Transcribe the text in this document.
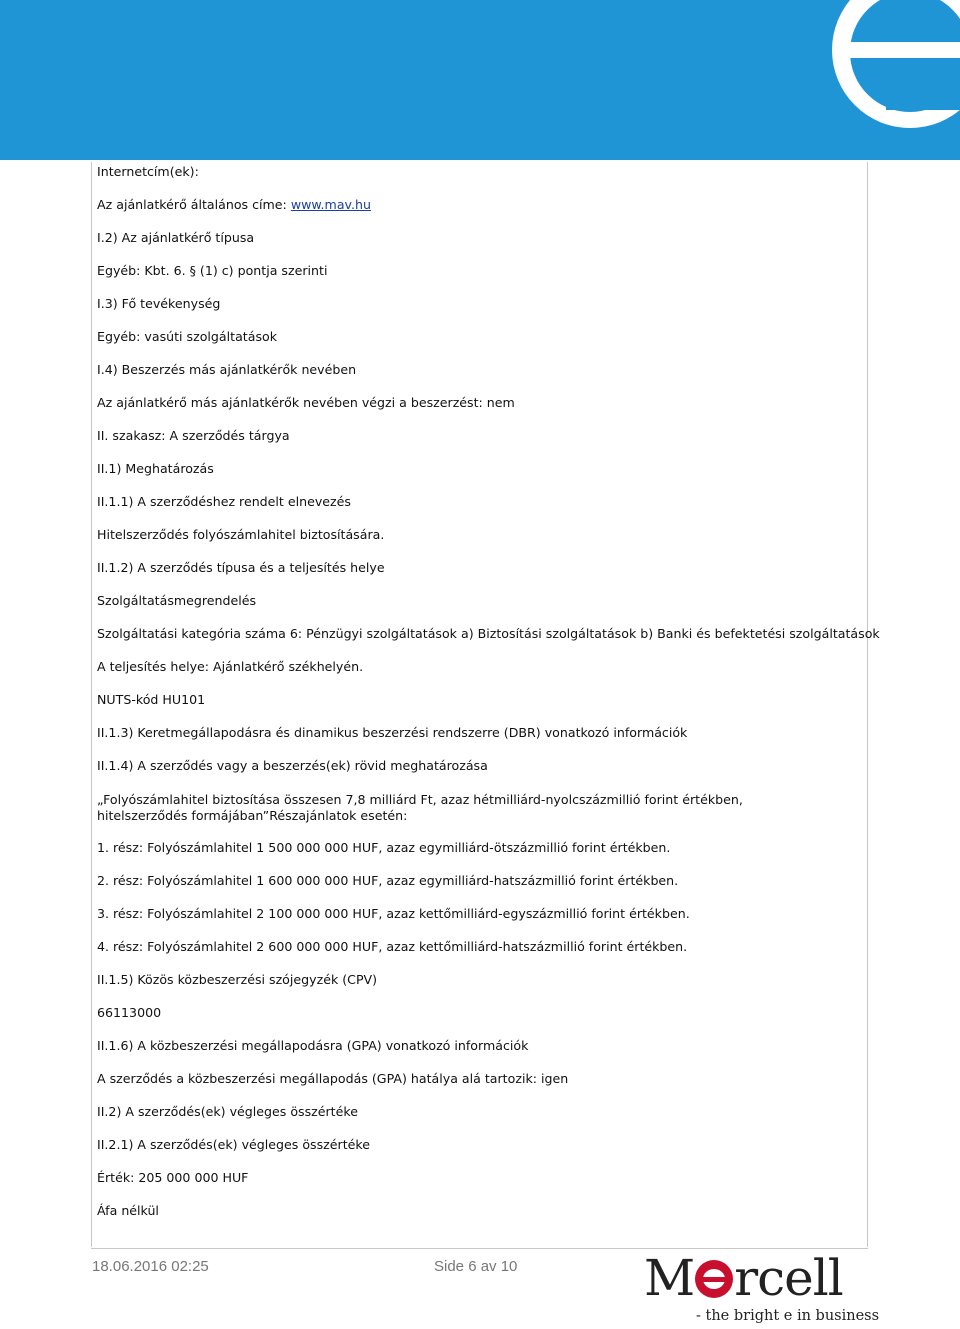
Internetcím(ek):
Az ajánlatkérő általános címe: www.mav.hu
I.2) Az ajánlatkérő típusa
Egyéb: Kbt. 6. § (1) c) pontja szerinti
I.3) Fő tevékenység
Egyéb: vasúti szolgáltatások
I.4) Beszerzés más ajánlatkérők nevében
Az ajánlatkérő más ajánlatkérők nevében végzi a beszerzést: nem
II. szakasz: A szerződés tárgya
II.1) Meghatározás
II.1.1) A szerződéshez rendelt elnevezés
Hitelszerződés folyószámlahitel biztosítására.
II.1.2) A szerződés típusa és a teljesítés helye
Szolgáltatásmegrendelés
Szolgáltatási kategória száma 6: Pénzügyi szolgáltatások a) Biztosítási szolgáltatások b) Banki és befektetési szolgáltatások
A teljesítés helye: Ajánlatkérő székhelyén.
NUTS-kód HU101
II.1.3) Keretmegállapodásra és dinamikus beszerzési rendszerre (DBR) vonatkozó információk
II.1.4) A szerződés vagy a beszerzés(ek) rövid meghatározása
„Folyószámlahitel biztosítása összesen 7,8 milliárd Ft, azaz hétmilliárd-nyolcszázmillió forint értékben, hitelszerződés formájában”Részajánlatok esetén:
1. rész: Folyószámlahitel 1 500 000 000 HUF, azaz egymilliárd-ötszázmillió forint értékben.
2. rész: Folyószámlahitel 1 600 000 000 HUF, azaz egymilliárd-hatszázmillió forint értékben.
3. rész: Folyószámlahitel 2 100 000 000 HUF, azaz kettőmilliárd-egyszázmillió forint értékben.
4. rész: Folyószámlahitel 2 600 000 000 HUF, azaz kettőmilliárd-hatszázmillió forint értékben.
II.1.5) Közös közbeszerzési szójegyzék (CPV)
66113000
II.1.6) A közbeszerzési megállapodásra (GPA) vonatkozó információk
A szerződés a közbeszerzési megállapodás (GPA) hatálya alá tartozik: igen
II.2) A szerződés(ek) végleges összértéke
II.2.1) A szerződés(ek) végleges összértéke
Érték: 205 000 000 HUF
Áfa nélkül
18.06.2016 02:25	Side 6 av 10	M rcell
- the bright e in business
